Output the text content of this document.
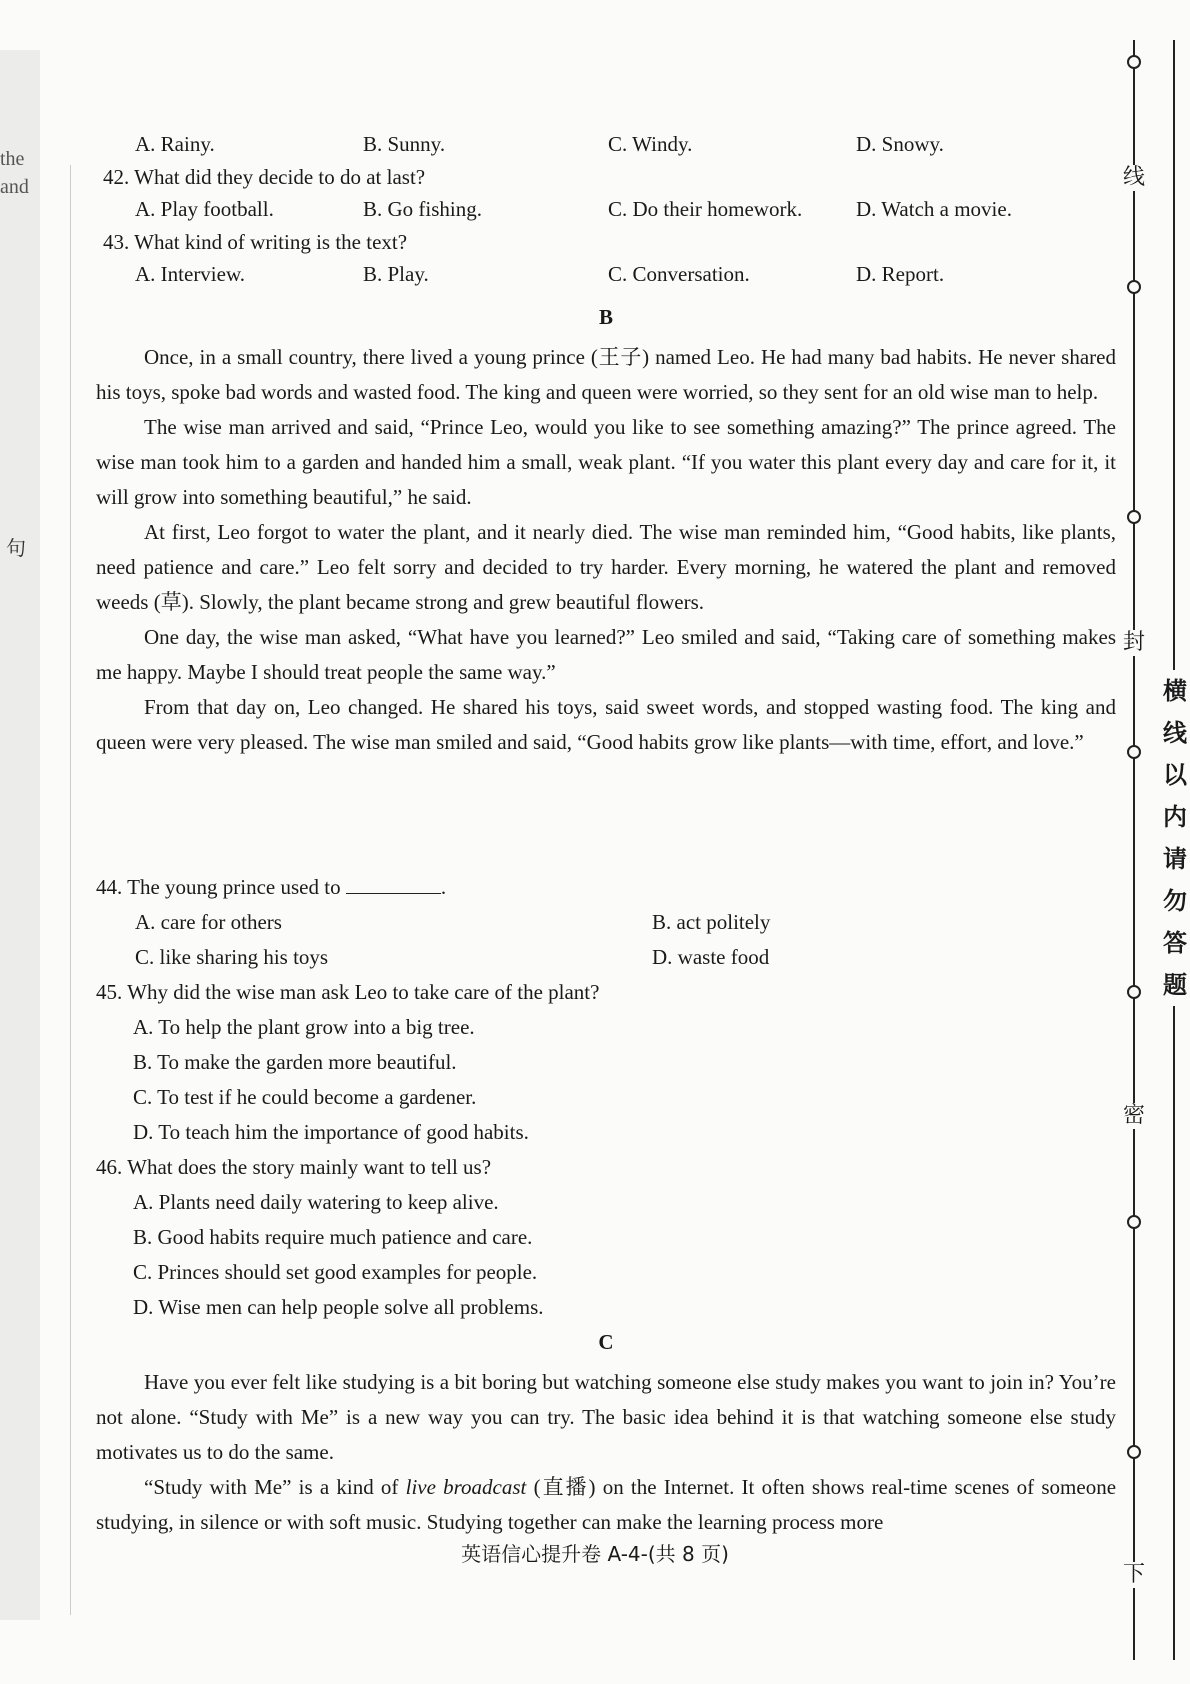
the
and
句
A. Rainy.	B. Sunny.	C. Windy.	D. Snowy.
42. What did they decide to do at last?
A. Play football.	B. Go fishing.	C. Do their homework.	D. Watch a movie.
43. What kind of writing is the text?
A. Interview.	B. Play.	C. Conversation.	D. Report.
B
Once, in a small country, there lived a young prince (王子) named Leo. He had many bad habits. He never shared his toys, spoke bad words and wasted food. The king and queen were worried, so they sent for an old wise man to help.
The wise man arrived and said, “Prince Leo, would you like to see something amazing?” The prince agreed. The wise man took him to a garden and handed him a small, weak plant. “If you water this plant every day and care for it, it will grow into something beautiful,” he said.
At first, Leo forgot to water the plant, and it nearly died. The wise man reminded him, “Good habits, like plants, need patience and care.” Leo felt sorry and decided to try harder. Every morning, he watered the plant and removed weeds (草). Slowly, the plant became strong and grew beautiful flowers.
One day, the wise man asked, “What have you learned?” Leo smiled and said, “Taking care of something makes me happy. Maybe I should treat people the same way.”
From that day on, Leo changed. He shared his toys, said sweet words, and stopped wasting food. The king and queen were very pleased. The wise man smiled and said, “Good habits grow like plants—with time, effort, and love.”
44. The young prince used to	.
A. care for others	B. act politely
C. like sharing his toys	D. waste food
45. Why did the wise man ask Leo to take care of the plant?
A. To help the plant grow into a big tree.
B. To make the garden more beautiful.
C. To test if he could become a gardener.
D. To teach him the importance of good habits.
46. What does the story mainly want to tell us?
A. Plants need daily watering to keep alive.
B. Good habits require much patience and care.
C. Princes should set good examples for people.
D. Wise men can help people solve all problems.
C
Have you ever felt like studying is a bit boring but watching someone else study makes you want to join in? You’re not alone. “Study with Me” is a new way you can try. The basic idea behind it is that watching someone else study motivates us to do the same.
“Study with Me” is a kind of live broadcast (直播) on the Internet. It often shows real-time scenes of someone studying, in silence or with soft music. Studying together can make the learning process more
英语信心提升卷 A-4-(共 8 页)
线
封
密
下
横
线
以
内
请
勿
答
题
